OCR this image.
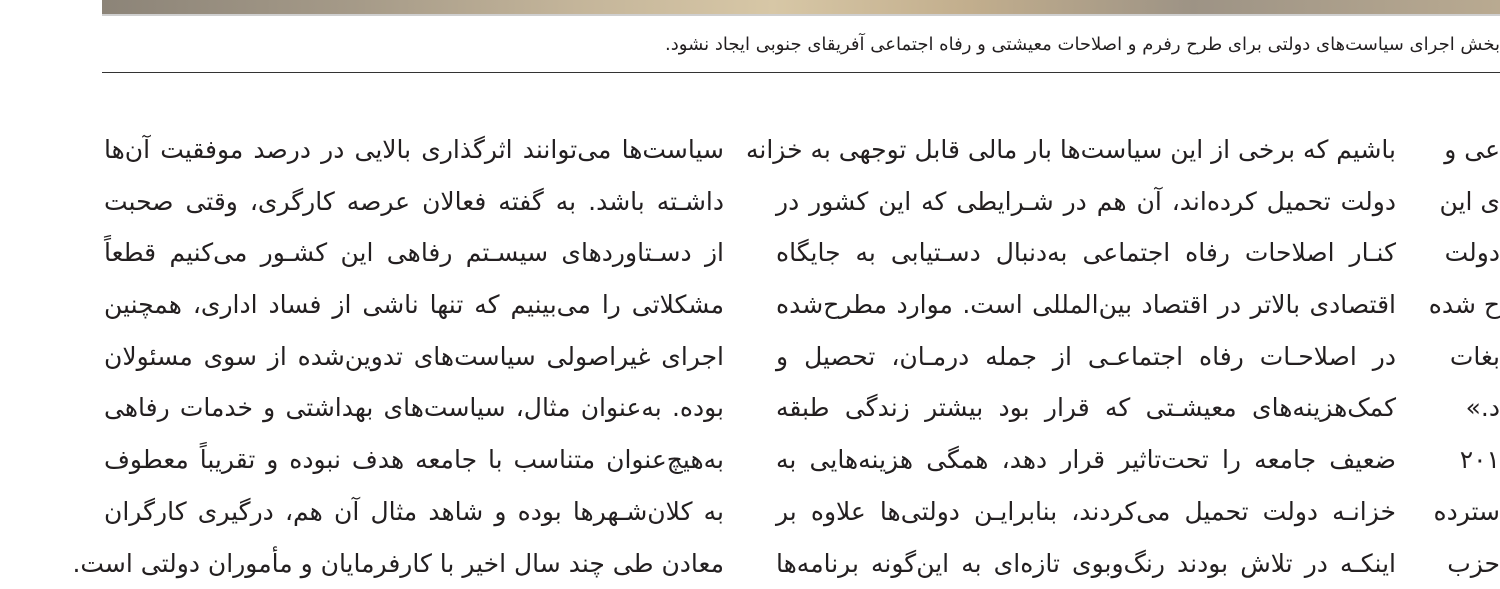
بخش اجرای سیاست‌های دولتی برای طرح رفرم و اصلاحات معیشتی و رفاه اجتماعی آفریقای جنوبی ایجاد نشود.
عی و
ی این
دولت
ح شده
بغات
د.»
۲۰۱
سترده
حزب
باشیم که برخی از این سیاست‌ها بار مالی قابل توجهی به خزانه
دولت تحمیل کرده‌اند، آن هم در شـرایطی که این کشور در
کنـار اصلاحات رفاه اجتماعی به‌دنبال دسـتیابی به جایگاه
اقتصادی بالاتر در اقتصاد بین‌المللی است. موارد مطرح‌شده
در اصلاحـات رفاه اجتماعـی از جمله درمـان، تحصیل و
کمک‌هزینه‌های معیشـتی که قرار بود بیشتر زندگی طبقه
ضعیف جامعه را تحت‌تاثیر قرار دهد، همگی هزینه‌هایی به
خزانـه دولت تحمیل می‌کردند، بنابرایـن دولتی‌ها علاوه بر
اینکـه در تلاش بودند رنگ‌وبوی تازه‌ای به این‌گونه برنامه‌ها
سیاست‌ها می‌توانند اثرگذاری بالایی در درصد موفقیت آن‌ها
داشـته باشد. به گفته فعالان عرصه کارگری، وقتی صحبت
از دسـتاوردهای سیسـتم رفاهی این کشـور می‌کنیم قطعاً
مشکلاتی را می‌بینیم که تنها ناشی از فساد اداری، همچنین
اجرای غیراصولی سیاست‌های تدوین‌شده از سوی مسئولان
بوده. به‌عنوان مثال، سیاست‌های بهداشتی و خدمات رفاهی
به‌هیچ‌عنوان متناسب با جامعه هدف نبوده و تقریباً معطوف
به کلان‌شـهرها بوده و شاهد مثال آن هم، درگیری کارگران
معادن طی چند سال اخیر با کارفرمایان و مأموران دولتی است.
